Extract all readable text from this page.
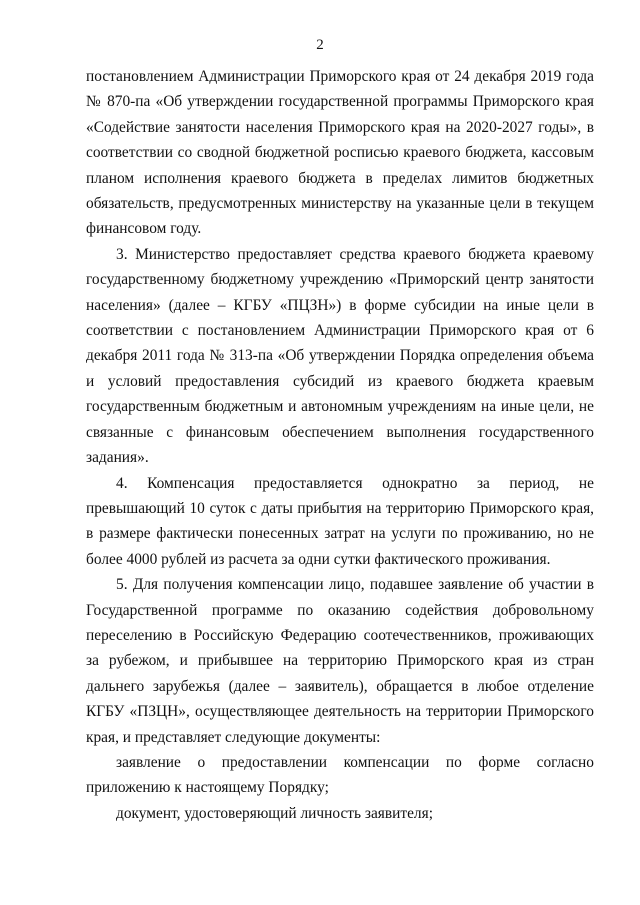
2

постановлением Администрации Приморского края от 24 декабря 2019 года № 870-па «Об утверждении государственной программы Приморского края «Содействие занятости населения Приморского края на 2020-2027 годы», в соответствии со сводной бюджетной росписью краевого бюджета, кассовым планом исполнения краевого бюджета в пределах лимитов бюджетных обязательств, предусмотренных министерству на указанные цели в текущем финансовом году.

3. Министерство предоставляет средства краевого бюджета краевому государственному бюджетному учреждению «Приморский центр занятости населения» (далее – КГБУ «ПЦЗН») в форме субсидии на иные цели в соответствии с постановлением Администрации Приморского края от 6 декабря 2011 года № 313-па «Об утверждении Порядка определения объема и условий предоставления субсидий из краевого бюджета краевым государственным бюджетным и автономным учреждениям на иные цели, не связанные с финансовым обеспечением выполнения государственного задания».

4. Компенсация предоставляется однократно за период, не превышающий 10 суток с даты прибытия на территорию Приморского края, в размере фактически понесенных затрат на услуги по проживанию, но не более 4000 рублей из расчета за одни сутки фактического проживания.

5. Для получения компенсации лицо, подавшее заявление об участии в Государственной программе по оказанию содействия добровольному переселению в Российскую Федерацию соотечественников, проживающих за рубежом, и прибывшее на территорию Приморского края из стран дальнего зарубежья (далее – заявитель), обращается в любое отделение КГБУ «ПЗЦН», осуществляющее деятельность на территории Приморского края, и представляет следующие документы:

заявление о предоставлении компенсации по форме согласно приложению к настоящему Порядку;

документ, удостоверяющий личность заявителя;
